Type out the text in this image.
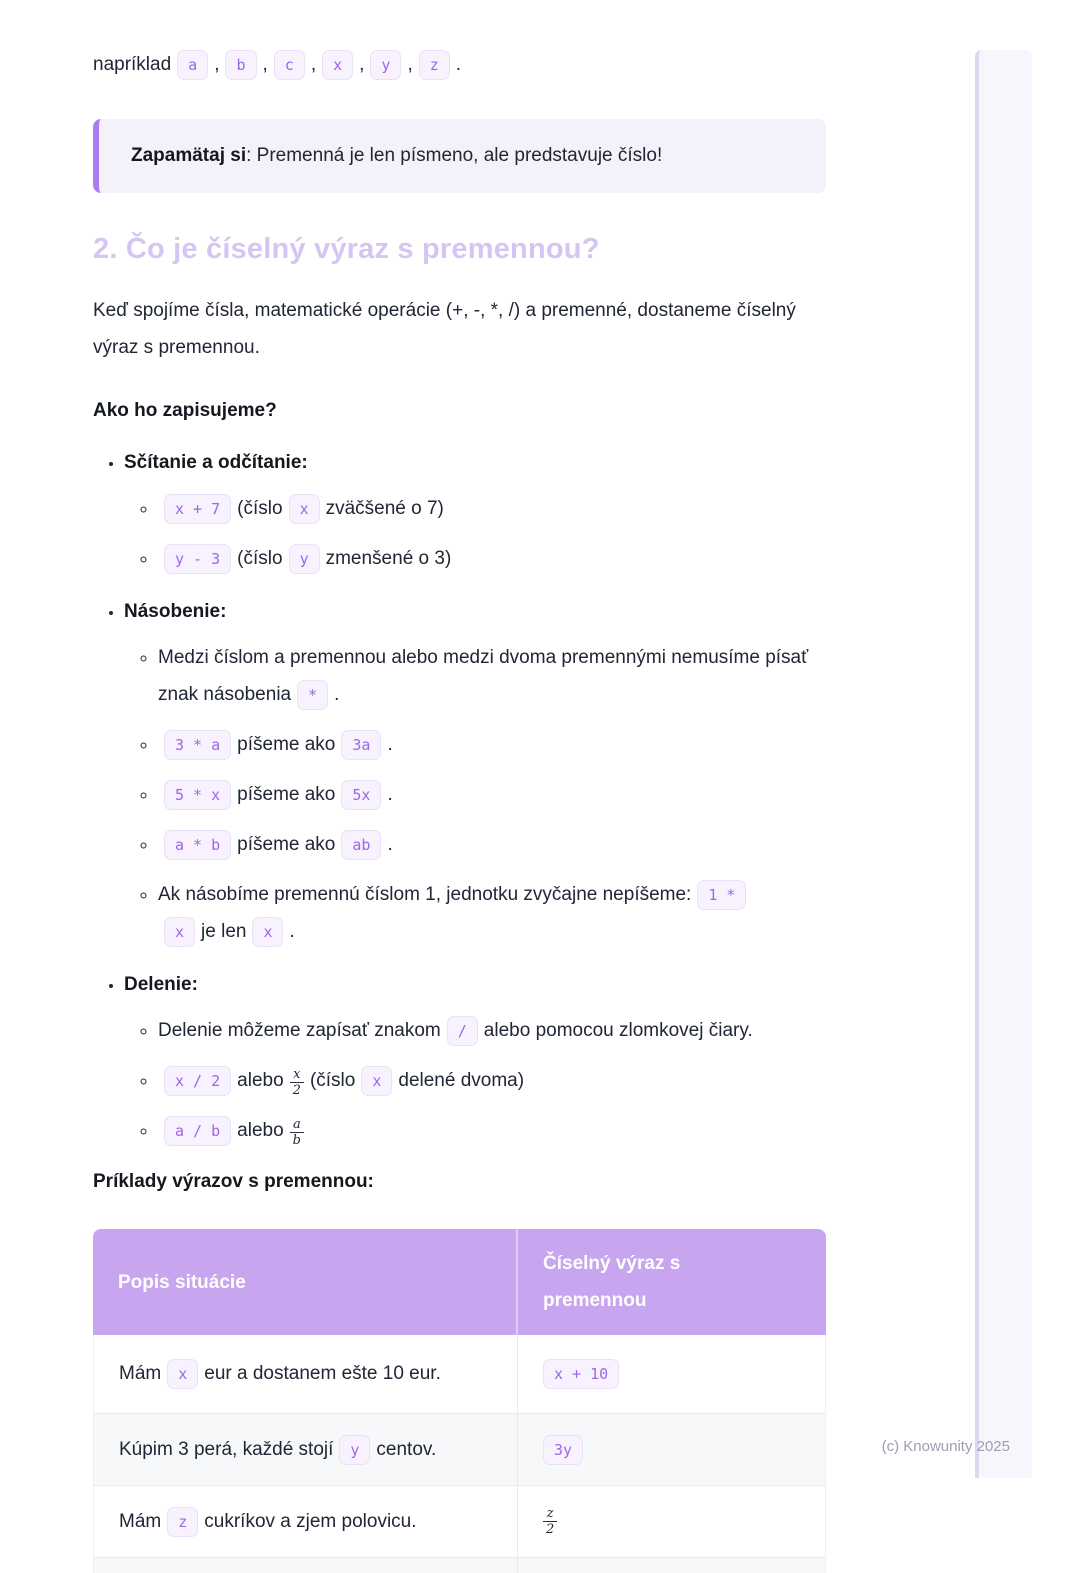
napríklad a , b , c , x , y , z .

Zapamätaj si: Premenná je len písmeno, ale predstavuje číslo!

2. Čo je číselný výraz s premennou?

Keď spojíme čísla, matematické operácie (+, -, *, /) a premenné, dostaneme číselný výraz s premennou.

Ako ho zapisujeme?

• Sčítanie a odčítanie:

◦ x + 7 (číslo x zväčšené o 7)
◦ y - 3 (číslo y zmenšené o 3)

• Násobenie:

◦ Medzi číslom a premennou alebo medzi dvoma premennými nemusíme písať znak násobenia * .
◦ 3 * a píšeme ako 3a .
◦ 5 * x píšeme ako 5x .
◦ a * b píšeme ako ab .
◦ Ak násobíme premennú číslom 1, jednotku zvyčajne nepíšeme: 1 *
x je len x .

• Delenie:

◦ Delenie môžeme zapísať znakom / alebo pomocou zlomkovej čiary.
◦ x / 2 alebo $\frac{x}{2}$ (číslo x delené dvoma)
◦ a / b alebo $\frac{a}{b}$

Príklady výrazov s premennou:

Popis situácie	Číselný výraz s premennou

Mám x eur a dostanem ešte 10 eur.	x + 10
Kúpim 3 perá, každé stojí y centov.	3y
Mám z cukríkov a zjem polovicu.	$\frac{z}{2}$

(c) Knowunity 2025
